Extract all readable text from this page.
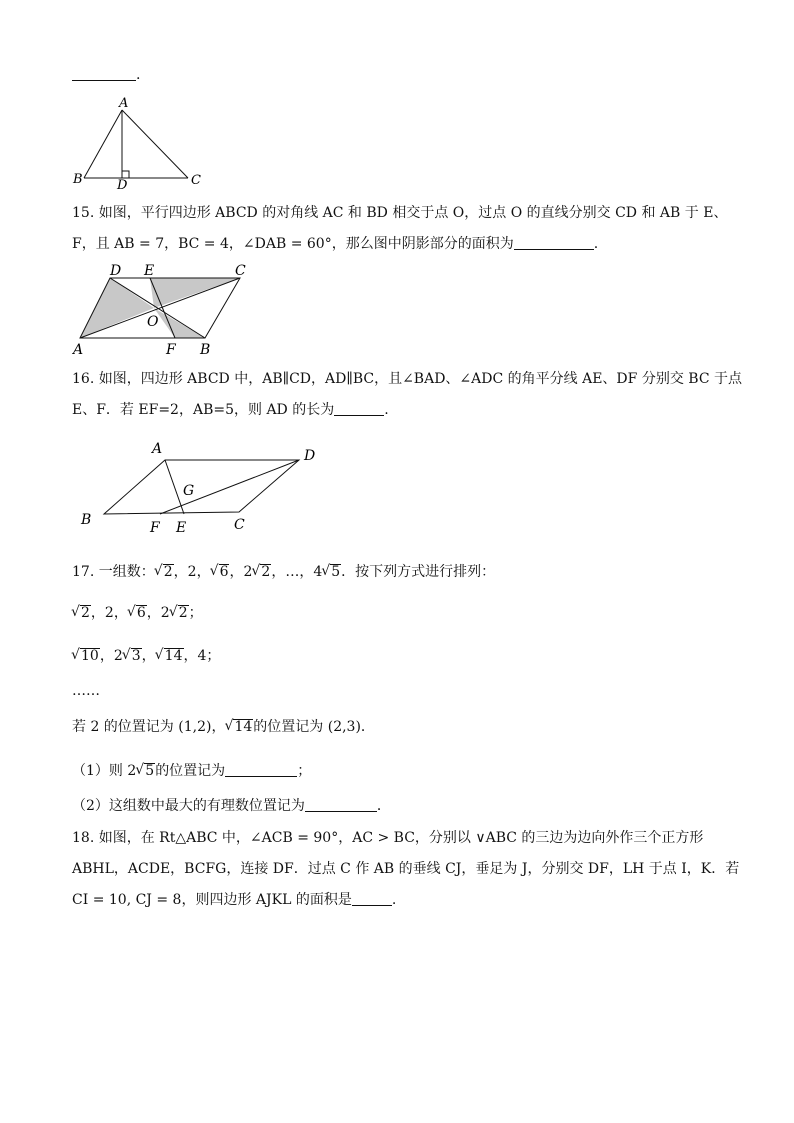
.
A
B	D	C
15. 如图，平行四边形 ABCD 的对角线 AC 和 BD 相交于点 O，过点 O 的直线分别交 CD 和 AB 于 E、
F，且 AB = 7，BC = 4，∠DAB = 60°，那么图中阴影部分的面积为	.
D E	C
O
A	F B
16. 如图，四边形 ABCD 中，AB∥CD，AD∥BC，且∠BAD、∠ADC 的角平分线 AE、DF 分别交 BC 于点
E、F．若 EF=2，AB=5，则 AD 的长为	.
A	D
G
B	F E	C
17. 一组数： √ 2，2， √ 6，2 √ 2，…，4 √ 5．按下列方式进行排列：
√ 2，2， √ 6，2 √ 2；
√ 10，2 √ 3， √ 14，4；
……
若 2 的位置记为 (1,2)， √ 14的位置记为 (2,3)．
（1）则 2 √ 5的位置记为	；
（2）这组数中最大的有理数位置记为	．
18. 如图，在 Rt△ABC 中，∠ACB = 90°，AC > BC，分别以 ∨ABC 的三边为边向外作三个正方形
ABHL，ACDE，BCFG，连接 DF．过点 C 作 AB 的垂线 CJ，垂足为 J，分别交 DF，LH 于点 I，K．若
CI = 10, CJ = 8，则四边形 AJKL 的面积是	.
